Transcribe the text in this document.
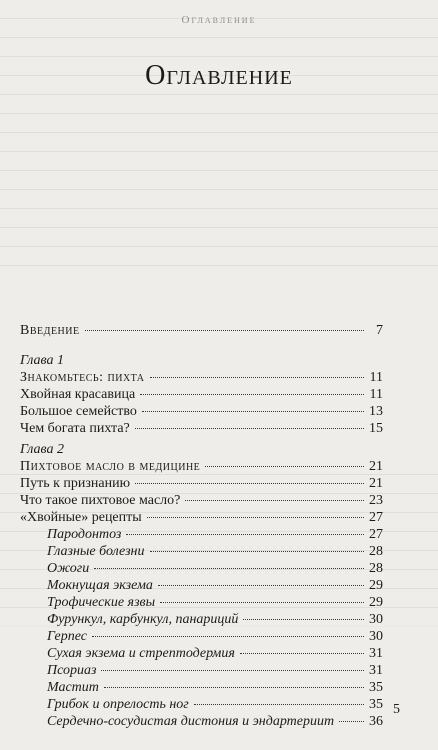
Оглавление
Оглавление
Введение	7
Глава 1
Знакомьтесь: пихта	11
Хвойная красавица	11
Большое семейство	13
Чем богата пихта?	15
Глава 2
Пихтовое масло в медицине	21
Путь к признанию	21
Что такое пихтовое масло?	23
«Хвойные» рецепты	27
Пародонтоз	27
Глазные болезни	28
Ожоги	28
Мокнущая экзема	29
Трофические язвы	29
Фурункул, карбункул, панариций	30
Герпес	30
Сухая экзема и стрептодермия	31
Псориаз	31
Мастит	35
Грибок и опрелость ног	35
Сердечно-сосудистая дистония и эндартериит 36
5
